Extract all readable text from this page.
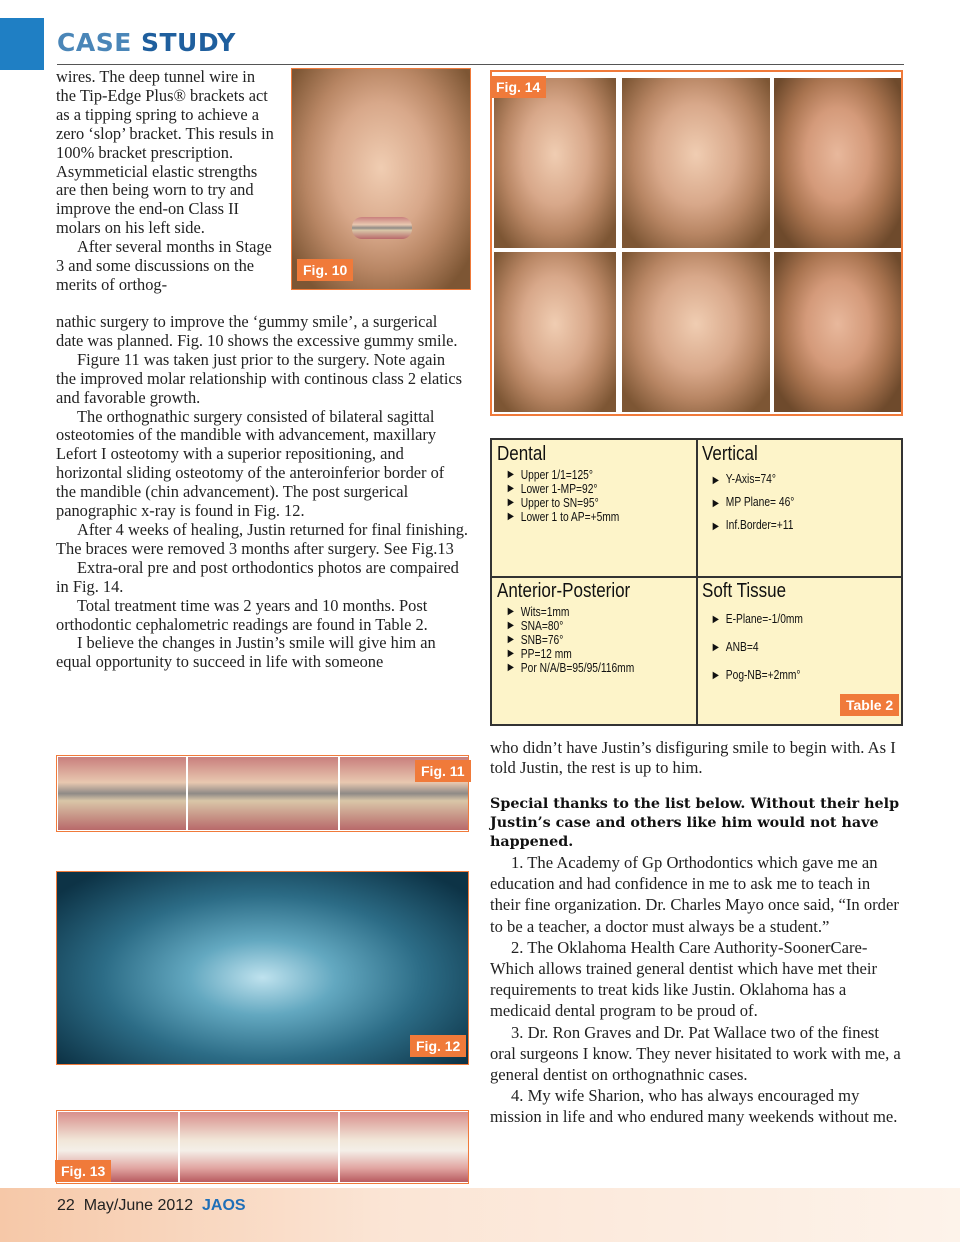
CASE STUDY

wires. The deep tunnel wire in the Tip-Edge Plus® brackets act as a tipping spring to achieve a zero ‘slop’ bracket. This resuls in 100% bracket prescription. Asymmeticial elastic strengths are then being worn to try and improve the end-on Class II molars on his left side.

After several months in Stage 3 and some discussions on the merits of orthog-

nathic surgery to improve the ‘gummy smile’, a surgerical date was planned. Fig. 10 shows the excessive gummy smile.

Figure 11 was taken just prior to the surgery. Note again the improved molar relationship with continous class 2 elatics and favorable growth.

The orthognathic surgery consisted of bilateral sagittal osteotomies of the mandible with advancement, maxillary Lefort I osteotomy with a superior repositioning, and horizontal sliding osteotomy of the anteroinferior border of the mandible (chin advancement). The post surgerical panographic x-ray is found in Fig. 12.

After 4 weeks of healing, Justin returned for final finishing. The braces were removed 3 months after surgery. See Fig.13

Extra-oral pre and post orthodontics photos are compaired in Fig. 14.

Total treatment time was 2 years and 10 months. Post orthodontic cephalometric readings are found in Table 2.

I believe the changes in Justin’s smile will give him an equal opportunity to succeed in life with someone

Fig. 10
Fig. 14
Dental
▶ Upper 1/1=125°
▶ Lower 1-MP=92°
▶ Upper to SN=95°
▶ Lower 1 to AP=+5mm
Vertical
▶ Y-Axis=74°
▶ MP Plane= 46°
▶ Inf.Border=+11
Anterior-Posterior
▶ Wits=1mm
▶ SNA=80°
▶ SNB=76°
▶ PP=12 mm
▶ Por N/A/B=95/95/116mm
Soft Tissue
▶ E-Plane=-1/0mm
▶ ANB=4
▶ Pog-NB=+2mm°
Table 2

who didn’t have Justin’s disfiguring smile to begin with. As I told Justin, the rest is up to him.

Special thanks to the list below. Without their help Justin’s case and others like him would not have happened.

1. The Academy of Gp Orthodontics which gave me an education and had confidence in me to ask me to teach in their fine organization. Dr. Charles Mayo once said, “In order to be a teacher, a doctor must always be a student.”

2. The Oklahoma Health Care Authority-SoonerCare-Which allows trained general dentist which have met their requirements to treat kids like Justin. Oklahoma has a medicaid dental program to be proud of.

3. Dr. Ron Graves and Dr. Pat Wallace two of the finest oral surgeons I know. They never hisitated to work with me, a general dentist on orthognathnic cases.

4. My wife Sharion, who has always encouraged my mission in life and who endured many weekends without me.

Fig. 11
Fig. 12
Fig. 13
22 May/June 2012 JAOS
